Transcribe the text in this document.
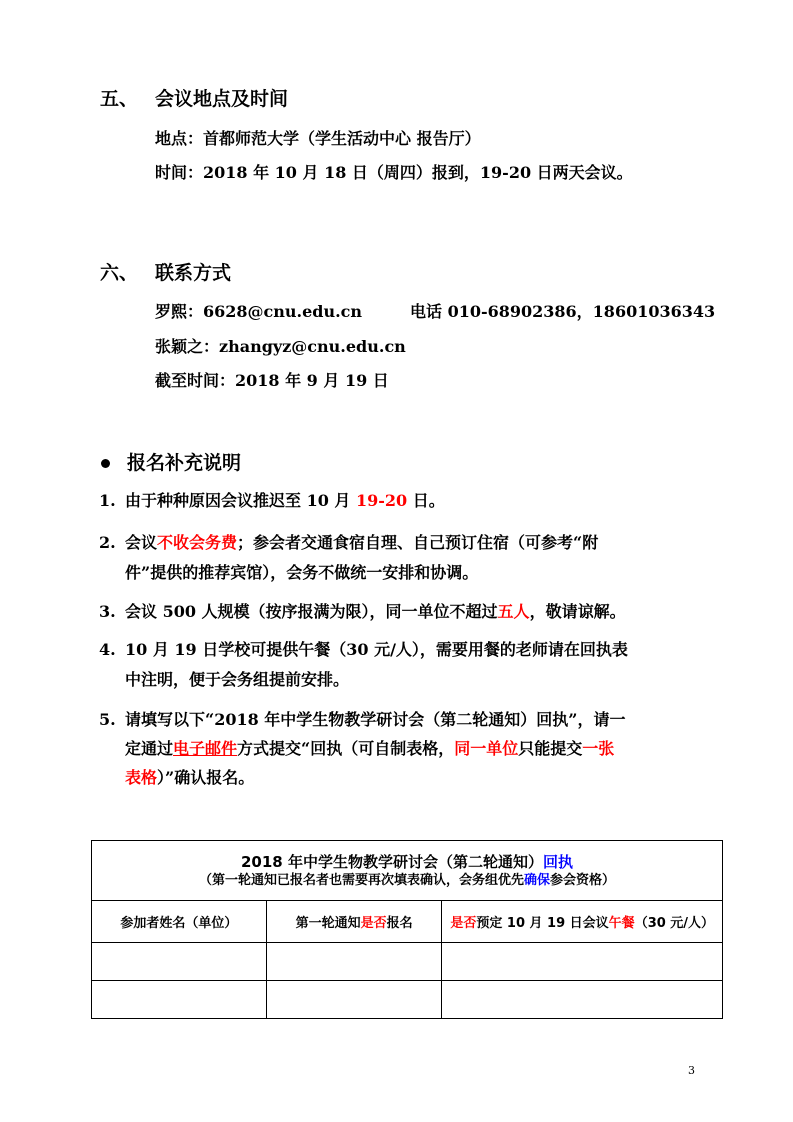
五、 会议地点及时间
地点：首都师范大学（学生活动中心 报告厅）
时间：2018 年 10 月 18 日（周四）报到，19-20 日两天会议。
六、 联系方式
罗熙：6628@cnu.edu.cn	电话 010-68902386，18601036343
张颖之：zhangyz@cnu.edu.cn
截至时间：2018 年 9 月 19 日
报名补充说明
1. 由于种种原因会议推迟至 10 月 19-20 日。
2. 会议不收会务费；参会者交通食宿自理、自己预订住宿（可参考“附
件”提供的推荐宾馆），会务不做统一安排和协调。
3. 会议 500 人规模（按序报满为限），同一单位不超过五人，敬请谅解。
4. 10 月 19 日学校可提供午餐（30 元/人），需要用餐的老师请在回执表
中注明，便于会务组提前安排。
5. 请填写以下“2018 年中学生物教学研讨会（第二轮通知）回执”，请一
定通过电子邮件方式提交“回执（可自制表格，同一单位只能提交一张
表格）”确认报名。
2018 年中学生物教学研讨会（第二轮通知）回执
（第一轮通知已报名者也需要再次填表确认，会务组优先确保参会资格）		

参加者姓名（单位）	第一轮通知是否报名	是否预定 10 月 19 日会议午餐（30 元/人）

3
